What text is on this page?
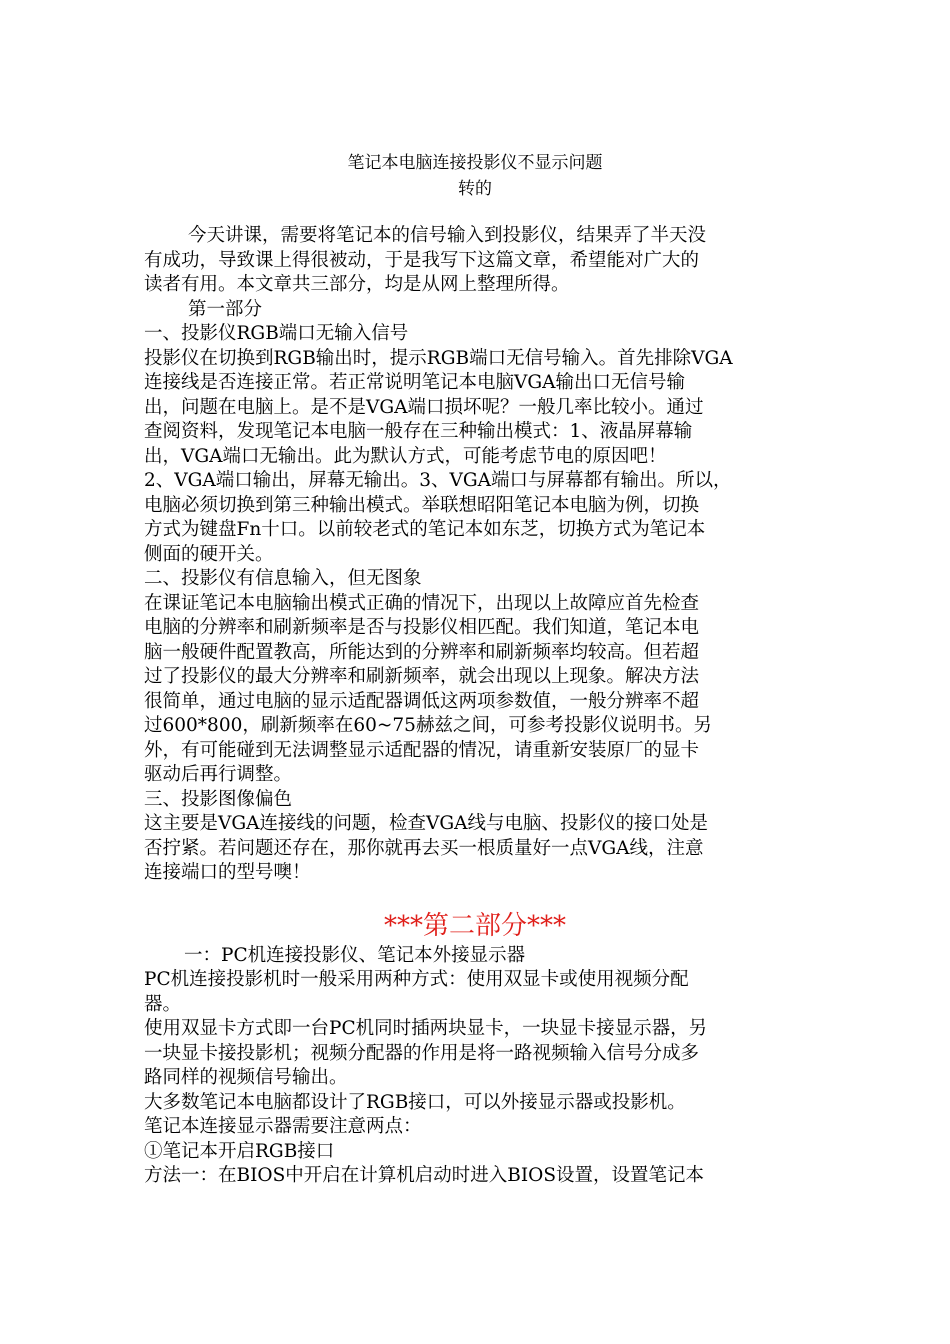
笔记本电脑连接投影仪不显示问题
转的

今天讲课，需要将笔记本的信号输入到投影仪，结果弄了半天没

有成功，导致课上得很被动，于是我写下这篇文章，希望能对广大的

读者有用。本文章共三部分，均是从网上整理所得。

第一部分

一、投影仪RGB端口无输入信号

投影仪在切换到RGB输出时，提示RGB端口无信号输入。首先排除VGA

连接线是否连接正常。若正常说明笔记本电脑VGA输出口无信号输

出，问题在电脑上。是不是VGA端口损坏呢？一般几率比较小。通过

查阅资料，发现笔记本电脑一般存在三种输出模式：1、液晶屏幕输

出，VGA端口无输出。此为默认方式，可能考虑节电的原因吧！

2、VGA端口输出，屏幕无输出。3、VGA端口与屏幕都有输出。所以，

电脑必须切换到第三种输出模式。举联想昭阳笔记本电脑为例，切换

方式为键盘Fn十口。以前较老式的笔记本如东芝，切换方式为笔记本

侧面的硬开关。

二、投影仪有信息输入，但无图象

在课证笔记本电脑输出模式正确的情况下，出现以上故障应首先检查

电脑的分辨率和刷新频率是否与投影仪相匹配。我们知道，笔记本电

脑一般硬件配置教高，所能达到的分辨率和刷新频率均较高。但若超

过了投影仪的最大分辨率和刷新频率，就会出现以上现象。解决方法

很简单，通过电脑的显示适配器调低这两项参数值，一般分辨率不超

过600*800，刷新频率在60~75赫兹之间，可参考投影仪说明书。另

外，有可能碰到无法调整显示适配器的情况，请重新安装原厂的显卡

驱动后再行调整。

三、投影图像偏色

这主要是VGA连接线的问题，检查VGA线与电脑、投影仪的接口处是

否拧紧。若问题还存在，那你就再去买一根质量好一点VGA线，注意

连接端口的型号噢！

***第二部分***

一：PC机连接投影仪、笔记本外接显示器

PC机连接投影机时一般采用两种方式：使用双显卡或使用视频分配

器。

使用双显卡方式即一台PC机同时插两块显卡，一块显卡接显示器，另

一块显卡接投影机；视频分配器的作用是将一路视频输入信号分成多

路同样的视频信号输出。

大多数笔记本电脑都设计了RGB接口，可以外接显示器或投影机。

笔记本连接显示器需要注意两点：

①笔记本开启RGB接口

方法一：在BIOS中开启在计算机启动时进入BIOS设置，设置笔记本
